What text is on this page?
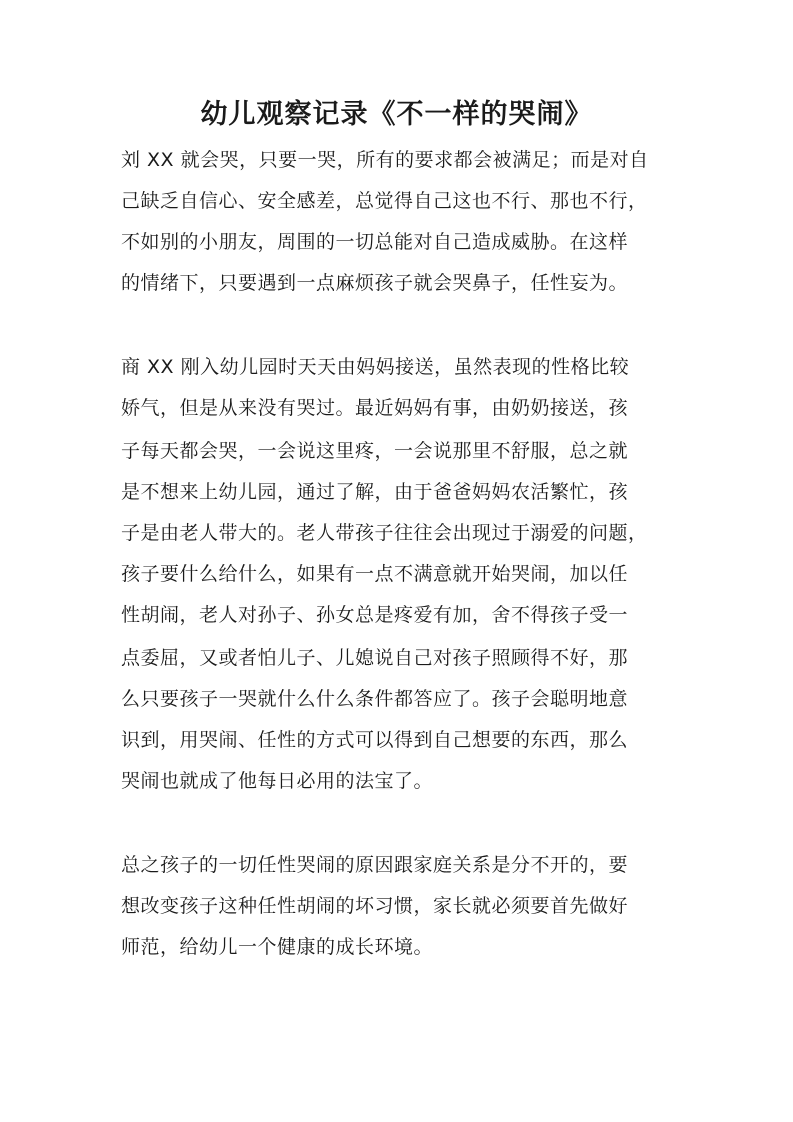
幼儿观察记录《不一样的哭闹》
刘 XX 就会哭，只要一哭，所有的要求都会被满足；而是对自
己缺乏自信心、安全感差，总觉得自己这也不行、那也不行，
不如别的小朋友，周围的一切总能对自己造成威胁。在这样
的情绪下，只要遇到一点麻烦孩子就会哭鼻子，任性妄为。
商 XX 刚入幼儿园时天天由妈妈接送，虽然表现的性格比较
娇气，但是从来没有哭过。最近妈妈有事，由奶奶接送，孩
子每天都会哭，一会说这里疼，一会说那里不舒服，总之就
是不想来上幼儿园，通过了解，由于爸爸妈妈农活繁忙，孩
子是由老人带大的。老人带孩子往往会出现过于溺爱的问题，
孩子要什么给什么，如果有一点不满意就开始哭闹，加以任
性胡闹，老人对孙子、孙女总是疼爱有加，舍不得孩子受一
点委屈，又或者怕儿子、儿媳说自己对孩子照顾得不好，那
么只要孩子一哭就什么什么条件都答应了。孩子会聪明地意
识到，用哭闹、任性的方式可以得到自己想要的东西，那么
哭闹也就成了他每日必用的法宝了。
总之孩子的一切任性哭闹的原因跟家庭关系是分不开的，要
想改变孩子这种任性胡闹的坏习惯，家长就必须要首先做好
师范，给幼儿一个健康的成长环境。
